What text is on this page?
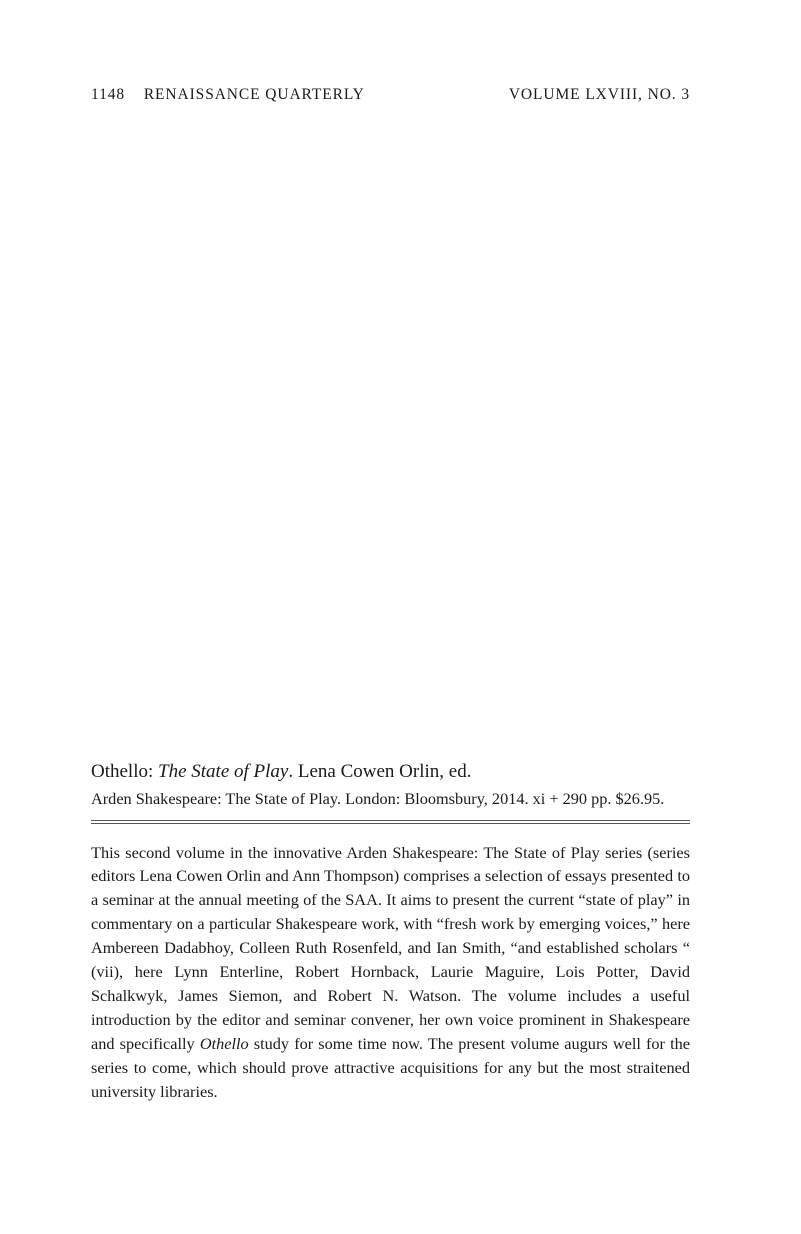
1148 RENAISSANCE QUARTERLY	VOLUME LXVIII, NO. 3
Othello: The State of Play. Lena Cowen Orlin, ed.

Arden Shakespeare: The State of Play. London: Bloomsbury, 2014. xi + 290 pp. $26.95.

This second volume in the innovative Arden Shakespeare: The State of Play series (series editors Lena Cowen Orlin and Ann Thompson) comprises a selection of essays presented to a seminar at the annual meeting of the SAA. It aims to present the current “state of play” in commentary on a particular Shakespeare work, with “fresh work by emerging voices,” here Ambereen Dadabhoy, Colleen Ruth Rosenfeld, and Ian Smith, “and established scholars “ (vii), here Lynn Enterline, Robert Hornback, Laurie Maguire, Lois Potter, David Schalkwyk, James Siemon, and Robert N. Watson. The volume includes a useful introduction by the editor and seminar convener, her own voice prominent in Shakespeare and specifically Othello study for some time now. The present volume augurs well for the series to come, which should prove attractive acquisitions for any but the most straitened university libraries.
